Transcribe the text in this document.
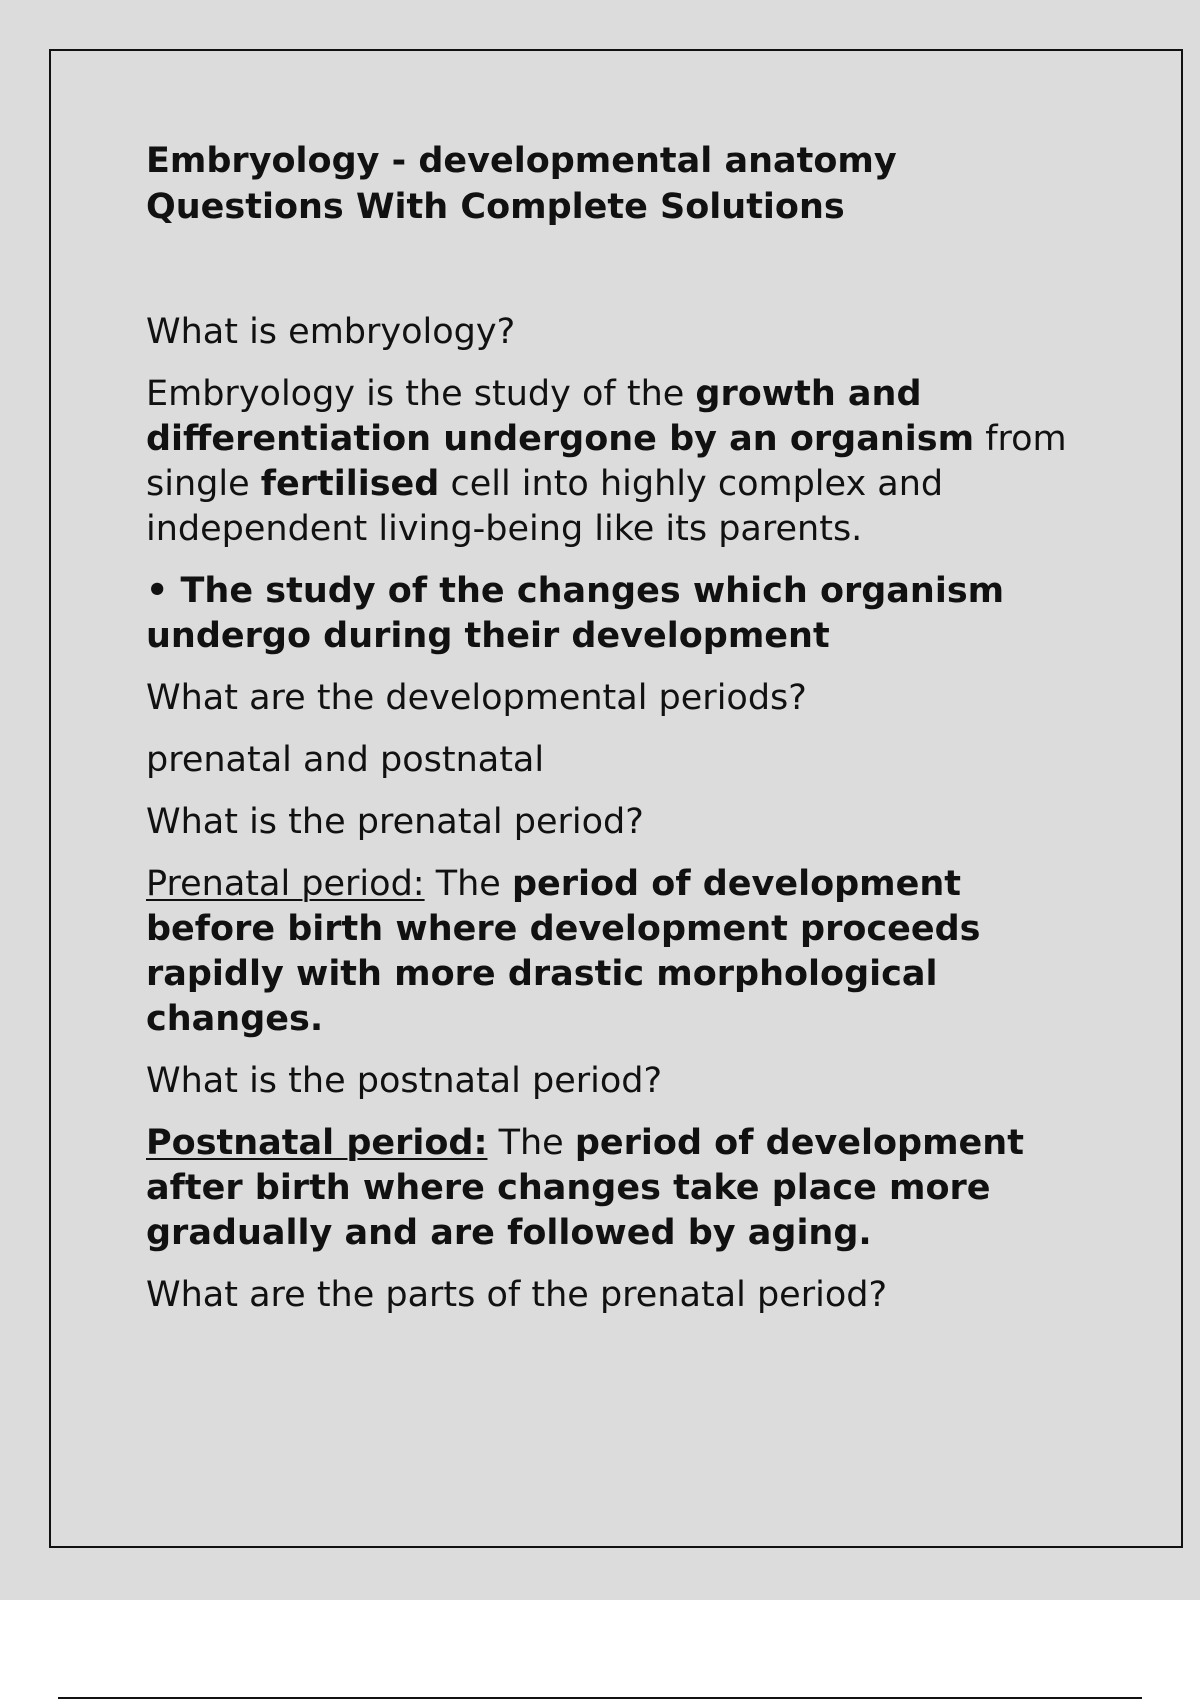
Embryology - developmental anatomy
Questions With Complete Solutions

What is embryology?

Embryology is the study of the growth and differentiation undergone by an organism from single fertilised cell into highly complex and independent living-being like its parents.

• The study of the changes which organism undergo during their development

What are the developmental periods?

prenatal and postnatal

What is the prenatal period?

Prenatal period: The period of development before birth where development proceeds rapidly with more drastic morphological changes.

What is the postnatal period?

Postnatal period: The period of development after birth where changes take place more gradually and are followed by aging.

What are the parts of the prenatal period?
